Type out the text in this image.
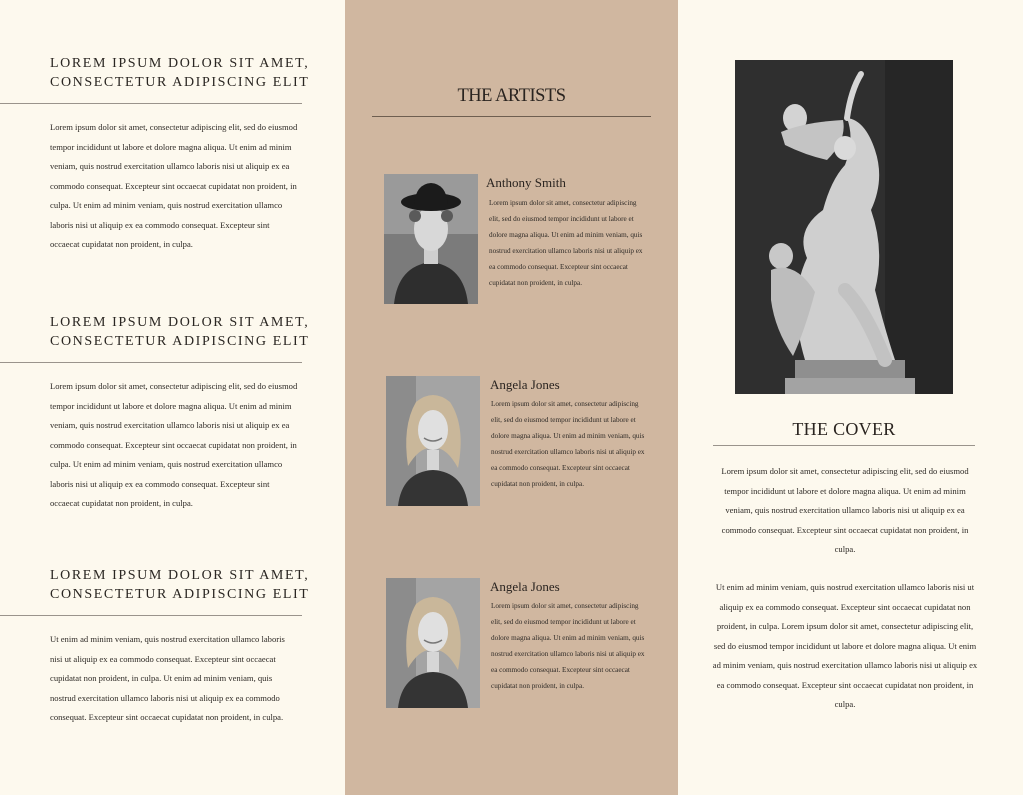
LOREM IPSUM DOLOR SIT AMET, CONSECTETUR ADIPISCING ELIT

Lorem ipsum dolor sit amet, consectetur adipiscing elit, sed do eiusmod tempor incididunt ut labore et dolore magna aliqua. Ut enim ad minim veniam, quis nostrud exercitation ullamco laboris nisi ut aliquip ex ea commodo consequat. Excepteur sint occaecat cupidatat non proident, in culpa. Ut enim ad minim veniam, quis nostrud exercitation ullamco laboris nisi ut aliquip ex ea commodo consequat. Excepteur sint occaecat cupidatat non proident, in culpa.

LOREM IPSUM DOLOR SIT AMET, CONSECTETUR ADIPISCING ELIT

Lorem ipsum dolor sit amet, consectetur adipiscing elit, sed do eiusmod tempor incididunt ut labore et dolore magna aliqua. Ut enim ad minim veniam, quis nostrud exercitation ullamco laboris nisi ut aliquip ex ea commodo consequat. Excepteur sint occaecat cupidatat non proident, in culpa. Ut enim ad minim veniam, quis nostrud exercitation ullamco laboris nisi ut aliquip ex ea commodo consequat. Excepteur sint occaecat cupidatat non proident, in culpa.

LOREM IPSUM DOLOR SIT AMET, CONSECTETUR ADIPISCING ELIT

Ut enim ad minim veniam, quis nostrud exercitation ullamco laboris nisi ut aliquip ex ea commodo consequat. Excepteur sint occaecat cupidatat non proident, in culpa. Ut enim ad minim veniam, quis nostrud exercitation ullamco laboris nisi ut aliquip ex ea commodo consequat. Excepteur sint occaecat cupidatat non proident, in culpa.

THE ARTISTS
Anthony Smith
Lorem ipsum dolor sit amet, consectetur adipiscing elit, sed do eiusmod tempor incididunt ut labore et dolore magna aliqua. Ut enim ad minim veniam, quis nostrud exercitation ullamco laboris nisi ut aliquip ex ea commodo consequat. Excepteur sint occaecat cupidatat non proident, in culpa.
Angela Jones
Lorem ipsum dolor sit amet, consectetur adipiscing elit, sed do eiusmod tempor incididunt ut labore et dolore magna aliqua. Ut enim ad minim veniam, quis nostrud exercitation ullamco laboris nisi ut aliquip ex ea commodo consequat. Excepteur sint occaecat cupidatat non proident, in culpa.
Angela Jones
Lorem ipsum dolor sit amet, consectetur adipiscing elit, sed do eiusmod tempor incididunt ut labore et dolore magna aliqua. Ut enim ad minim veniam, quis nostrud exercitation ullamco laboris nisi ut aliquip ex ea commodo consequat. Excepteur sint occaecat cupidatat non proident, in culpa.
THE COVER

Lorem ipsum dolor sit amet, consectetur adipiscing elit, sed do eiusmod tempor incididunt ut labore et dolore magna aliqua. Ut enim ad minim veniam, quis nostrud exercitation ullamco laboris nisi ut aliquip ex ea commodo consequat. Excepteur sint occaecat cupidatat non proident, in culpa.

Ut enim ad minim veniam, quis nostrud exercitation ullamco laboris nisi ut aliquip ex ea commodo consequat. Excepteur sint occaecat cupidatat non proident, in culpa. Lorem ipsum dolor sit amet, consectetur adipiscing elit, sed do eiusmod tempor incididunt ut labore et dolore magna aliqua. Ut enim ad minim veniam, quis nostrud exercitation ullamco laboris nisi ut aliquip ex ea commodo consequat. Excepteur sint occaecat cupidatat non proident, in culpa.
